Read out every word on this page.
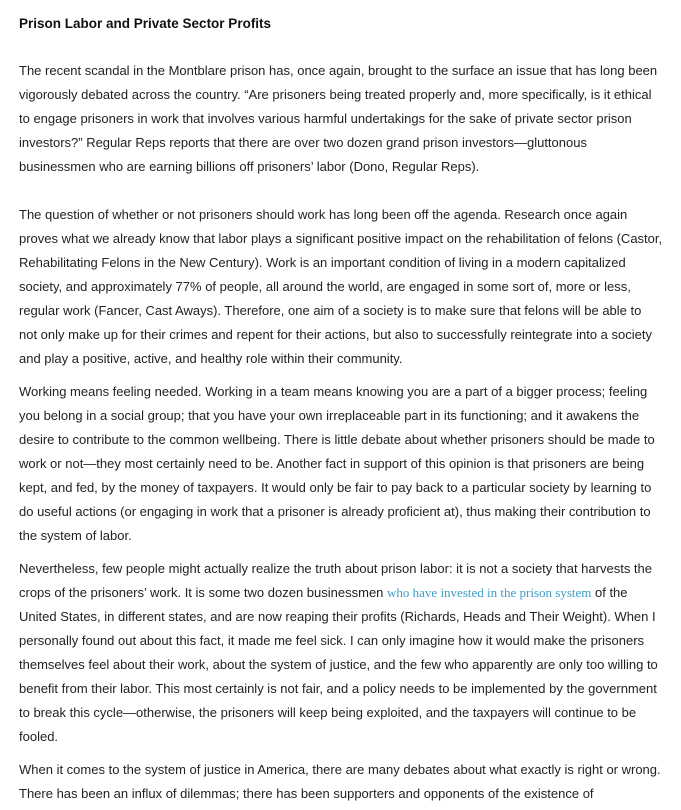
Prison Labor and Private Sector Profits

The recent scandal in the Montblare prison has, once again, brought to the surface an issue that has long been vigorously debated across the country. “Are prisoners being treated properly and, more specifically, is it ethical to engage prisoners in work that involves various harmful undertakings for the sake of private sector prison investors?” Regular Reps reports that there are over two dozen grand prison investors—gluttonous businessmen who are earning billions off prisoners’ labor (Dono, Regular Reps).

The question of whether or not prisoners should work has long been off the agenda. Research once again proves what we already know that labor plays a significant positive impact on the rehabilitation of felons (Castor, Rehabilitating Felons in the New Century). Work is an important condition of living in a modern capitalized society, and approximately 77% of people, all around the world, are engaged in some sort of, more or less, regular work (Fancer, Cast Aways). Therefore, one aim of a society is to make sure that felons will be able to not only make up for their crimes and repent for their actions, but also to successfully reintegrate into a society and play a positive, active, and healthy role within their community.

Working means feeling needed. Working in a team means knowing you are a part of a bigger process; feeling you belong in a social group; that you have your own irreplaceable part in its functioning; and it awakens the desire to contribute to the common wellbeing. There is little debate about whether prisoners should be made to work or not—they most certainly need to be. Another fact in support of this opinion is that prisoners are being kept, and fed, by the money of taxpayers. It would only be fair to pay back to a particular society by learning to do useful actions (or engaging in work that a prisoner is already proficient at), thus making their contribution to the system of labor.

Nevertheless, few people might actually realize the truth about prison labor: it is not a society that harvests the crops of the prisoners’ work. It is some two dozen businessmen who have invested in the prison system of the United States, in different states, and are now reaping their profits (Richards, Heads and Their Weight). When I personally found out about this fact, it made me feel sick. I can only imagine how it would make the prisoners themselves feel about their work, about the system of justice, and the few who apparently are only too willing to benefit from their labor. This most certainly is not fair, and a policy needs to be implemented by the government to break this cycle—otherwise, the prisoners will keep being exploited, and the taxpayers will continue to be fooled.

When it comes to the system of justice in America, there are many debates about what exactly is right or wrong. There has been an influx of dilemmas; there has been supporters and opponents of the existence of
